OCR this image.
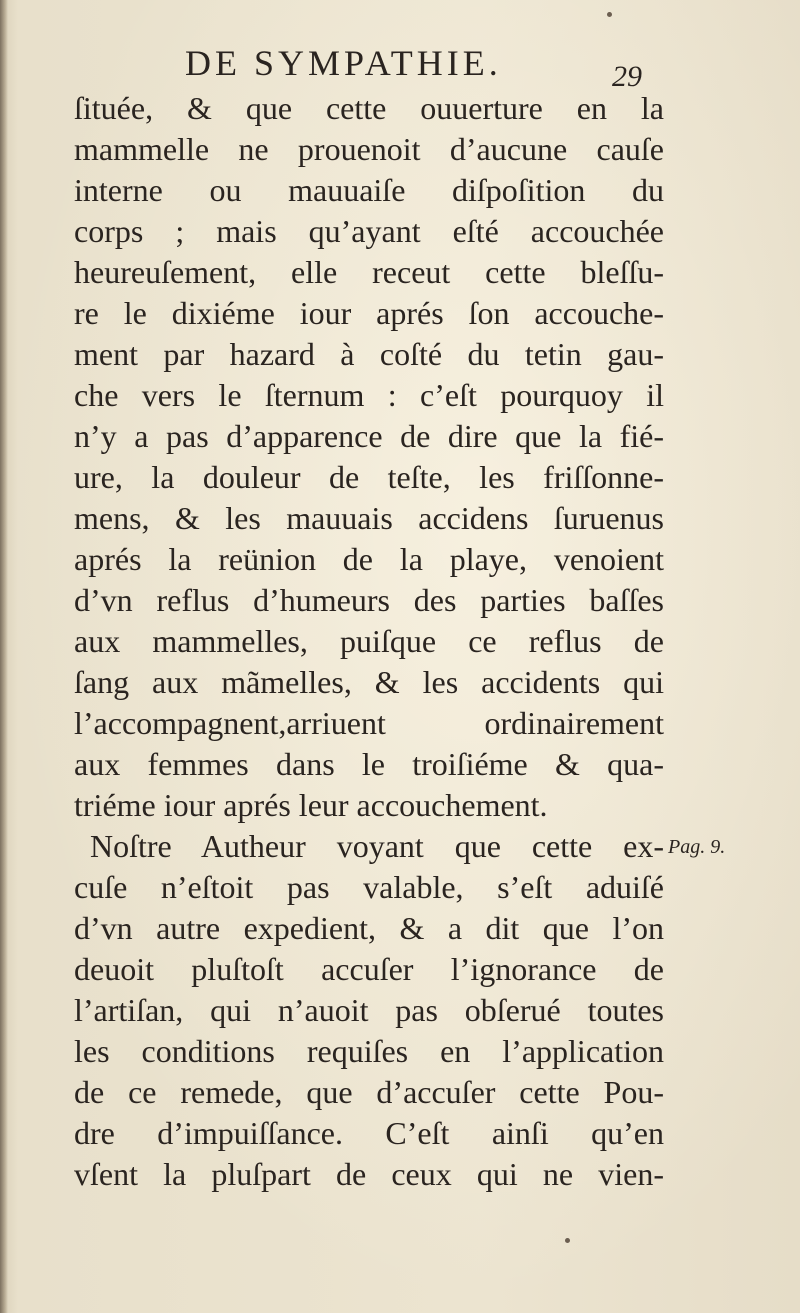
DE SYMPATHIE.	29
ſituée, & que cette ouuerture en la
mammelle ne prouenoit d’aucune cauſe
interne ou mauuaiſe diſpoſition du
corps ; mais qu’ayant eſté accouchée
heureuſement, elle receut cette bleſſu-
re le dixiéme iour aprés ſon accouche-
ment par hazard à coſté du tetin gau-
che vers le ſternum : c’eſt pourquoy il
n’y a pas d’apparence de dire que la fié-
ure, la douleur de teſte, les friſſonne-
mens, & les mauuais accidens ſuruenus
aprés la reünion de la playe, venoient
d’vn reflus d’humeurs des parties baſſes
aux mammelles, puiſque ce reflus de
ſang aux mãmelles, & les accidents qui
l’accompagnent,arriuent ordinairement
aux femmes dans le troiſiéme & qua-
triéme iour aprés leur accouchement.
Noſtre Autheur voyant que cette ex-
cuſe n’eſtoit pas valable, s’eſt aduiſé
d’vn autre expedient, & a dit que l’on
deuoit pluſtoſt accuſer l’ignorance de
l’artiſan, qui n’auoit pas obſerué toutes
les conditions requiſes en l’application
de ce remede, que d’accuſer cette Pou-
dre d’impuiſſance. C’eſt ainſi qu’en
vſent la pluſpart de ceux qui ne vien-
Pag. 9.
